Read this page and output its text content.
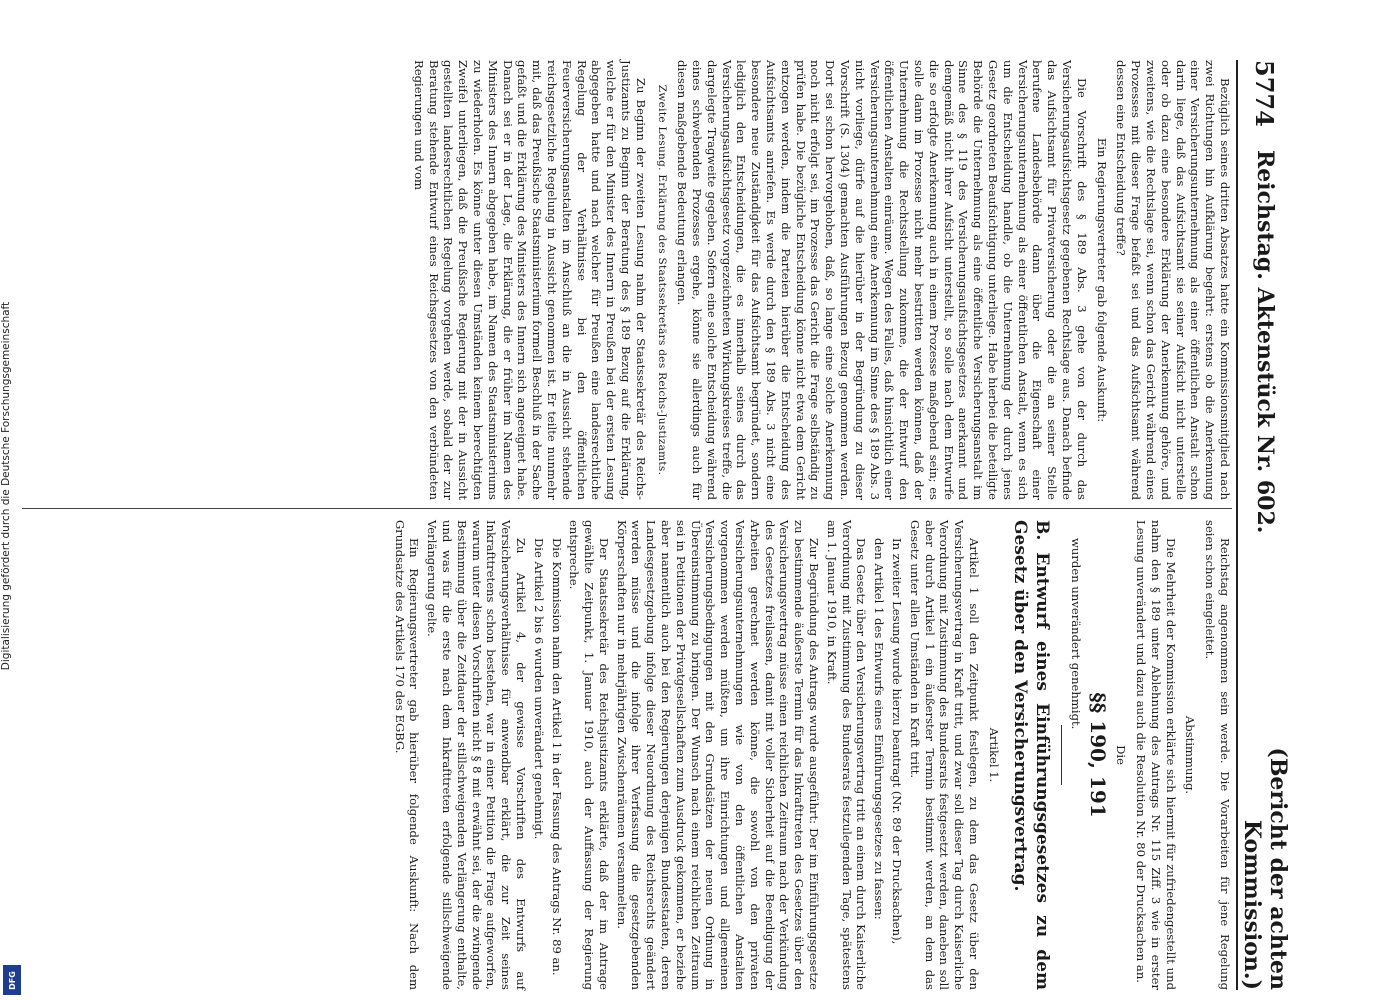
5774
Reichstag. Aktenstück Nr. 602.
(Bericht der achten Kommission.)

Bezüglich seines dritten Absatzes hatte ein Kommissionsmitglied nach zwei Richtungen hin Aufklärung begehrt: erstens ob die Anerkennung einer Versicherungsunternehmung als einer öffentlichen Anstalt schon darin liege, daß das Aufsichtsamt sie seiner Aufsicht nicht unterstelle oder ob dazu eine besondere Erklärung der Anerkennung gehöre, und zweitens, wie die Rechtslage sei, wenn schon das Gericht während eines Prozesses mit dieser Frage befaßt sei und das Aufsichtsamt während dessen eine Entscheidung treffe?

Ein Regierungsvertreter gab folgende Auskunft:

Die Vorschrift des § 189 Abs. 3 gehe von der durch das Versicherungsaufsichtsgesetz gegebenen Rechtslage aus. Danach befinde das Aufsichtsamt für Privatversicherung oder die an seiner Stelle berufene Landesbehörde dann über die Eigenschaft einer Versicherungsunternehmung als einer öffentlichen Anstalt, wenn es sich um die Entscheidung handle, ob die Unternehmung der durch jenes Gesetz geordneten Beaufsichtigung unterliege. Habe hierbei die beteiligte Behörde die Unternehmung als eine öffentliche Versicherungsanstalt im Sinne des § 119 des Versicherungsaufsichtsgesetzes anerkannt und demgemäß nicht ihrer Aufsicht unterstellt, so solle nach dem Entwurfe die so erfolgte Anerkennung auch in einem Prozesse maßgebend sein; es solle dann im Prozesse nicht mehr bestritten werden können, daß der Unternehmung die Rechtsstellung zukomme, die der Entwurf den öffentlichen Anstalten einräume. Wegen des Falles, daß hinsichtlich einer Versicherungsunternehmung eine Anerkennung im Sinne des § 189 Abs. 3 nicht vorliege, dürfe auf die hierüber in der Begründung zu dieser Vorschrift (S. 1304) gemachten Ausführungen Bezug genommen werden. Dort sei schon hervorgehoben, daß, so lange eine solche Anerkennung noch nicht erfolgt sei, im Prozesse das Gericht die Frage selbständig zu prüfen habe. Die bezügliche Entscheidung könne nicht etwa dem Gericht entzogen werden, indem die Parteien hierüber die Entscheidung des Aufsichtsamts anriefen. Es werde durch den § 189 Abs. 3 nicht eine besondere neue Zuständigkeit für das Aufsichtsamt begründet, sondern lediglich den Entscheidungen, die es innerhalb seines durch das Versicherungsaufsichtsgesetz vorgezeichneten Wirkungskreises treffe, die dargelegte Tragweite gegeben. Sofern eine solche Entscheidung während eines schwebenden Prozesses ergehe, könne sie allerdings auch für diesen maßgebende Bedeutung erlangen.

Zweite Lesung. Erklärung des Staatssekretärs des Reichs-Justizamts.

Zu Beginn der zweiten Lesung nahm der Staatssekretär des Reichs-Justizamts zu Beginn der Beratung des § 189 Bezug auf die Erklärung, welche er für den Minister des Innern in Preußen bei der ersten Lesung abgegeben hatte und nach welcher für Preußen eine landesrechtliche Regelung der Verhältnisse bei den öffentlichen Feuerversicherungsanstalten im Anschluß an die in Aussicht stehende reichsgesetzliche Regelung in Aussicht genommen ist. Er teilte nunmehr mit, daß das Preußische Staatsministerium formell Beschluß in der Sache gefaßt und die Erklärung des Ministers des Innern sich angeeignet habe. Danach sei er in der Lage, die Erklärung, die er früher im Namen des Ministers des Innern abgegeben habe, im Namen des Staatsministeriums zu wiederholen. Es könne unter diesen Umständen keinem berechtigten Zweifel unterliegen, daß die Preußische Regierung mit der in Aussicht gestellten landesrechtlichen Regelung vorgehen werde, sobald der zur Beratung stehende Entwurf eines Reichsgesetzes von den verbündeten Regierungen und vom

Reichstag angenommen sein werde. Die Vorarbeiten für jene Regelung seien schon eingeleitet.

Abstimmung.

Die Mehrheit der Kommission erklärte sich hiermit für zufriedengestellt und nahm den § 189 unter Ablehnung des Antrags Nr. 115 Ziff. 3 wie in erster Lesung unverändert und dazu auch die Resolution Nr. 80 der Drucksachen an.

Die

§§ 190, 191

wurden unverändert genehmigt.

B. Entwurf eines Einführungsgesetzes zu dem Gesetz über den Versicherungsvertrag.

Artikel 1.

Artikel 1 soll den Zeitpunkt festlegen, zu dem das Gesetz über den Versicherungsvertrag in Kraft tritt, und zwar soll dieser Tag durch Kaiserliche Verordnung mit Zustimmung des Bundesrats festgesetzt werden, daneben soll aber durch Artikel 1 ein äußerster Termin bestimmt werden, an dem das Gesetz unter allen Umständen in Kraft tritt.

In zweiter Lesung wurde hierzu beantragt (Nr. 89 der Drucksachen),

den Artikel 1 des Entwurfs eines Einführungsgesetzes zu fassen:

Das Gesetz über den Versicherungsvertrag tritt an einem durch Kaiserliche Verordnung mit Zustimmung des Bundesrats festzulegenden Tage, spätestens am 1. Januar 1910, in Kraft.

Zur Begründung des Antrags wurde ausgeführt: Der im Einführungsgesetze zu bestimmende äußerste Termin für das Inkrafttreten des Gesetzes über den Versicherungsvertrag müsse einen reichlichen Zeitraum nach der Verkündung des Gesetzes freilassen, damit mit voller Sicherheit auf die Beendigung der Arbeiten gerechnet werden könne, die sowohl von den privaten Versicherungsunternehmungen wie von den öffentlichen Anstalten vorgenommen werden müßten, um ihre Einrichtungen und allgemeinen Versicherungsbedingungen mit den Grundsätzen der neuen Ordnung in Übereinstimmung zu bringen. Der Wunsch nach einem reichlichen Zeitraum sei in Petitionen der Privatgesellschaften zum Ausdruck gekommen, er beziehe aber namentlich auch bei den Regierungen derjenigen Bundesstaaten, deren Landesgesetzgebung infolge dieser Neuordnung des Reichsrechts geändert werden müsse und die infolge ihrer Verfassung die gesetzgebenden Körperschaften nur in mehrjährigen Zwischenräumen versammelten.

Der Staatssekretär des Reichsjustizamts erklärte, daß der im Antrage gewählte Zeitpunkt, 1. Januar 1910, auch der Auffassung der Regierung entspreche.

Die Kommission nahm den Artikel 1 in der Fassung des Antrags Nr. 89 an.

Die Artikel 2 bis 6 wurden unverändert genehmigt.

Zu Artikel 4, der gewisse Vorschriften des Entwurfs auf Versicherungsverhältnisse für anwendbar erklärt, die zur Zeit seines Inkrafttretens schon bestehen, war in einer Petition die Frage aufgeworfen, warum unter diesen Vorschriften nicht § 8 mit erwähnt sei, der die zwingende Bestimmung über die Zeitdauer der stillschweigenden Verlängerung enthalte, und was für die erste nach dem Inkrafttreten erfolgende stillschweigende Verlängerung gelte.

Ein Regierungsvertreter gab hierüber folgende Auskunft: Nach dem Grundsatze des Artikels 170 des EGBG.

Digitalisierung gefördert durch die Deutsche Forschungsgemeinschaft
DFG
